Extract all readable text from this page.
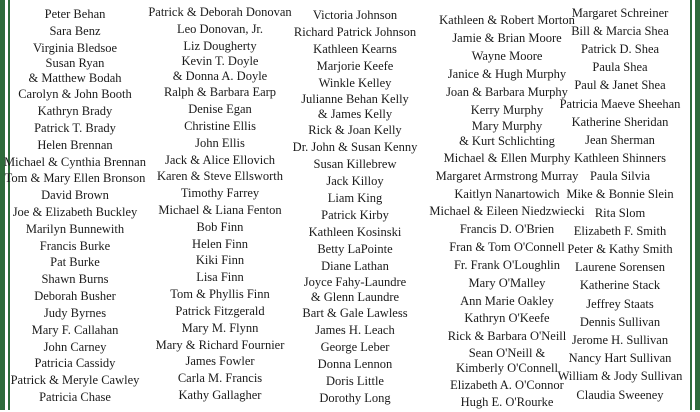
Peter Behan
Sara Benz
Virginia Bledsoe
Susan Ryan
& Matthew Bodah
Carolyn & John Booth
Kathryn Brady
Patrick T. Brady
Helen Brennan
Michael & Cynthia Brennan
Tom & Mary Ellen Bronson
David Brown
Joe & Elizabeth Buckley
Marilyn Bunnewith
Francis Burke
Pat Burke
Shawn Burns
Deborah Busher
Judy Byrnes
Mary F. Callahan
John Carney
Patricia Cassidy
Patrick & Meryle Cawley
Patricia Chase
Patrick & Deborah Donovan
Leo Donovan, Jr.
Liz Dougherty
Kevin T. Doyle
& Donna A. Doyle
Ralph & Barbara Earp
Denise Egan
Christine Ellis
John Ellis
Jack & Alice Ellovich
Karen & Steve Ellsworth
Timothy Farrey
Michael & Liana Fenton
Bob Finn
Helen Finn
Kiki Finn
Lisa Finn
Tom & Phyllis Finn
Patrick Fitzgerald
Mary M. Flynn
Mary & Richard Fournier
James Fowler
Carla M. Francis
Kathy Gallagher
Victoria Johnson
Richard Patrick Johnson
Kathleen Kearns
Marjorie Keefe
Winkle Kelley
Julianne Behan Kelly
& James Kelly
Rick & Joan Kelly
Dr. John & Susan Kenny
Susan Killebrew
Jack Killoy
Liam King
Patrick Kirby
Kathleen Kosinski
Betty LaPointe
Diane Lathan
Joyce Fahy-Laundre
& Glenn Laundre
Bart & Gale Lawless
James H. Leach
George Leber
Donna Lennon
Doris Little
Dorothy Long
Kathleen & Robert Morton
Jamie & Brian Moore
Wayne Moore
Janice & Hugh Murphy
Joan & Barbara Murphy
Kerry Murphy
Mary Murphy
& Kurt Schlichting
Michael & Ellen Murphy
Margaret Armstrong Murray
Kaitlyn Nanartowich
Michael & Eileen Niedzwiecki
Francis D. O'Brien
Fran & Tom O'Connell
Fr. Frank O'Loughlin
Mary O'Malley
Ann Marie Oakley
Kathryn O'Keefe
Rick & Barbara O'Neill
Sean O'Neill &
Kimberly O'Connell
Elizabeth A. O'Connor
Hugh E. O'Rourke
Margaret Schreiner
Bill & Marcia Shea
Patrick D. Shea
Paula Shea
Paul & Janet Shea
Patricia Maeve Sheehan
Katherine Sheridan
Jean Sherman
Kathleen Shinners
Paula Silvia
Mike & Bonnie Slein
Rita Slom
Elizabeth F. Smith
Peter & Kathy Smith
Laurene Sorensen
Katherine Stack
Jeffrey Staats
Dennis Sullivan
Jerome H. Sullivan
Nancy Hart Sullivan
William & Jody Sullivan
Claudia Sweeney
